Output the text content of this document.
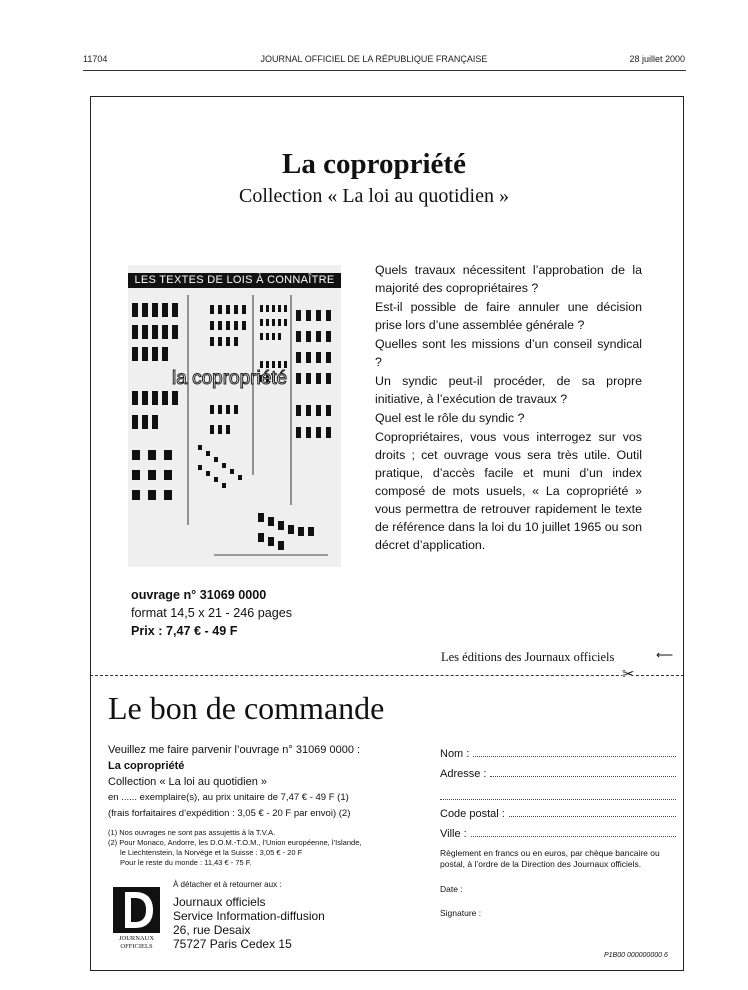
11704	JOURNAL OFFICIEL DE LA RÉPUBLIQUE FRANÇAISE	28 juillet 2000
La copropriété
Collection « La loi au quotidien »
LES TEXTES DE LOIS À CONNAÎTRE
la copropriété

Quels travaux nécessitent l’approbation de la majorité des copropriétaires ?

Est-il possible de faire annuler une décision prise lors d’une assemblée générale ?

Quelles sont les missions d’un conseil syndical ?

Un syndic peut-il procéder, de sa propre initiative, à l’exécution de travaux ?

Quel est le rôle du syndic ?

Copropriétaires, vous vous interrogez sur vos droits ; cet ouvrage vous sera très utile. Outil pratique, d’accès facile et muni d’un index composé de mots usuels, « La copropriété » vous permettra de retrouver rapidement le texte de référence dans la loi du 10 juillet 1965 ou son décret d’application.

ouvrage n° 31069 0000
format 14,5 x 21 - 246 pages
Prix : 7,47 € - 49 F
Les éditions des Journaux officiels	⟵
✂
Le bon de commande
Veuillez me faire parvenir l’ouvrage n° 31069 0000 :
La copropriété
Collection « La loi au quotidien »
en ...... exemplaire(s), au prix unitaire de 7,47 € - 49 F (1)
(frais forfaitaires d’expédition : 3,05 € - 20 F par envoi) (2)
(1) Nos ouvrages ne sont pas assujettis à la T.V.A.
(2) Pour Monaco, Andorre, les D.O.M.-T.O.M., l’Union européenne, l’Islande,
le Liechtenstein, la Norvège et la Suisse : 3,05 € - 20 F
Pour le reste du monde : 11,43 € - 75 F.
Nom :
Adresse :
Code postal :
Ville :
Règlement en francs ou en euros, par chèque bancaire ou postal, à l’ordre de la Direction des Journaux officiels.
Date :
Signature :
À détacher et à retourner aux :
JOURNAUX
OFFICIELS
Journaux officiels
Service Information-diffusion
26, rue Desaix
75727 Paris Cedex 15
P1B00 000000000 6
